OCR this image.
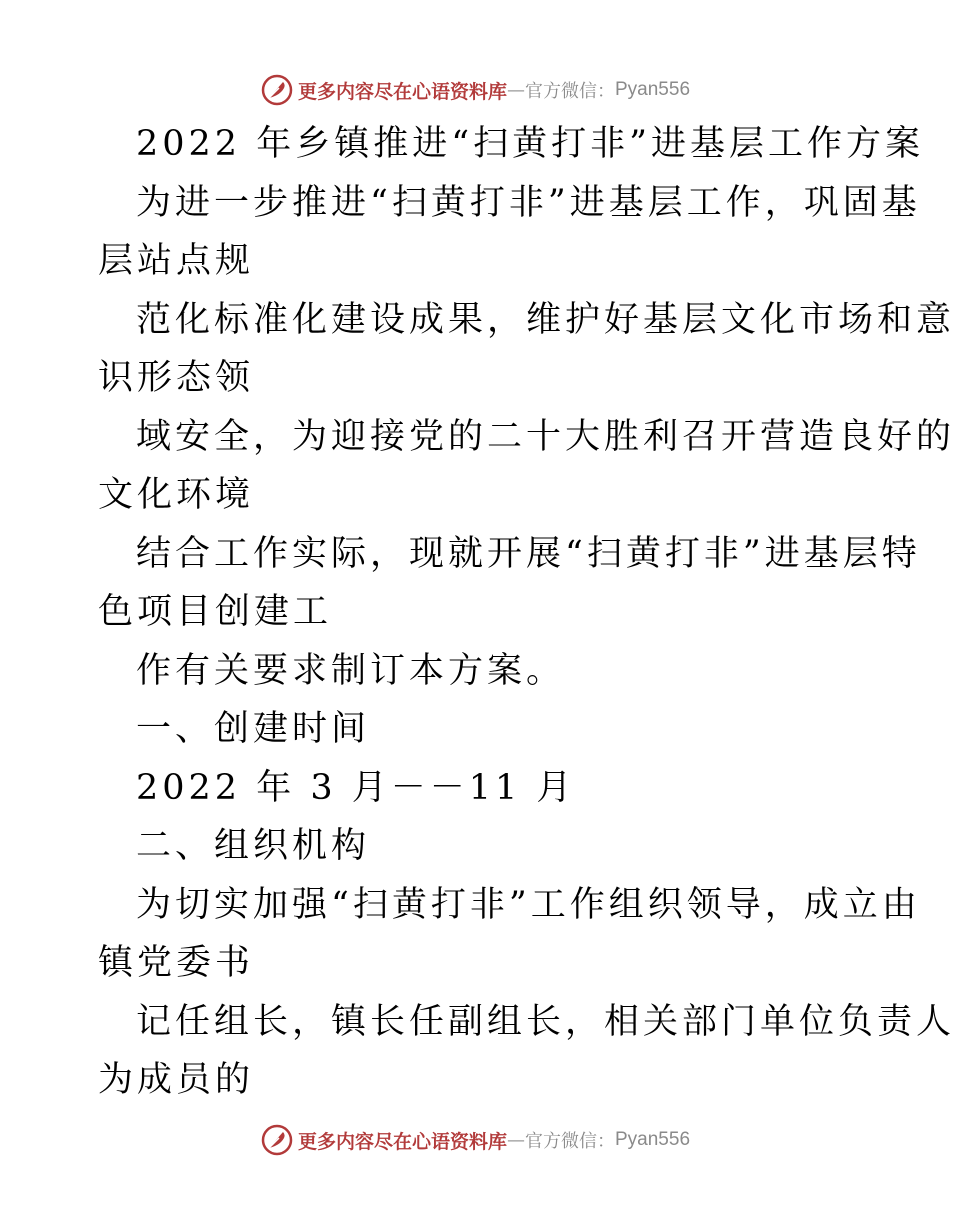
更多内容尽在心语资料库 — 官方微信： Pyan556
2022 年乡镇推进“扫黄打非”进基层工作方案
为进一步推进“扫黄打非”进基层工作，巩固基
层站点规
范化标准化建设成果，维护好基层文化市场和意
识形态领
域安全，为迎接党的二十大胜利召开营造良好的
文化环境
结合工作实际，现就开展“扫黄打非”进基层特
色项目创建工
作有关要求制订本方案。
一、创建时间
2022 年 3 月－－11 月
二、组织机构
为切实加强“扫黄打非”工作组织领导，成立由
镇党委书
记任组长，镇长任副组长，相关部门单位负责人
为成员的
更多内容尽在心语资料库 — 官方微信： Pyan556
